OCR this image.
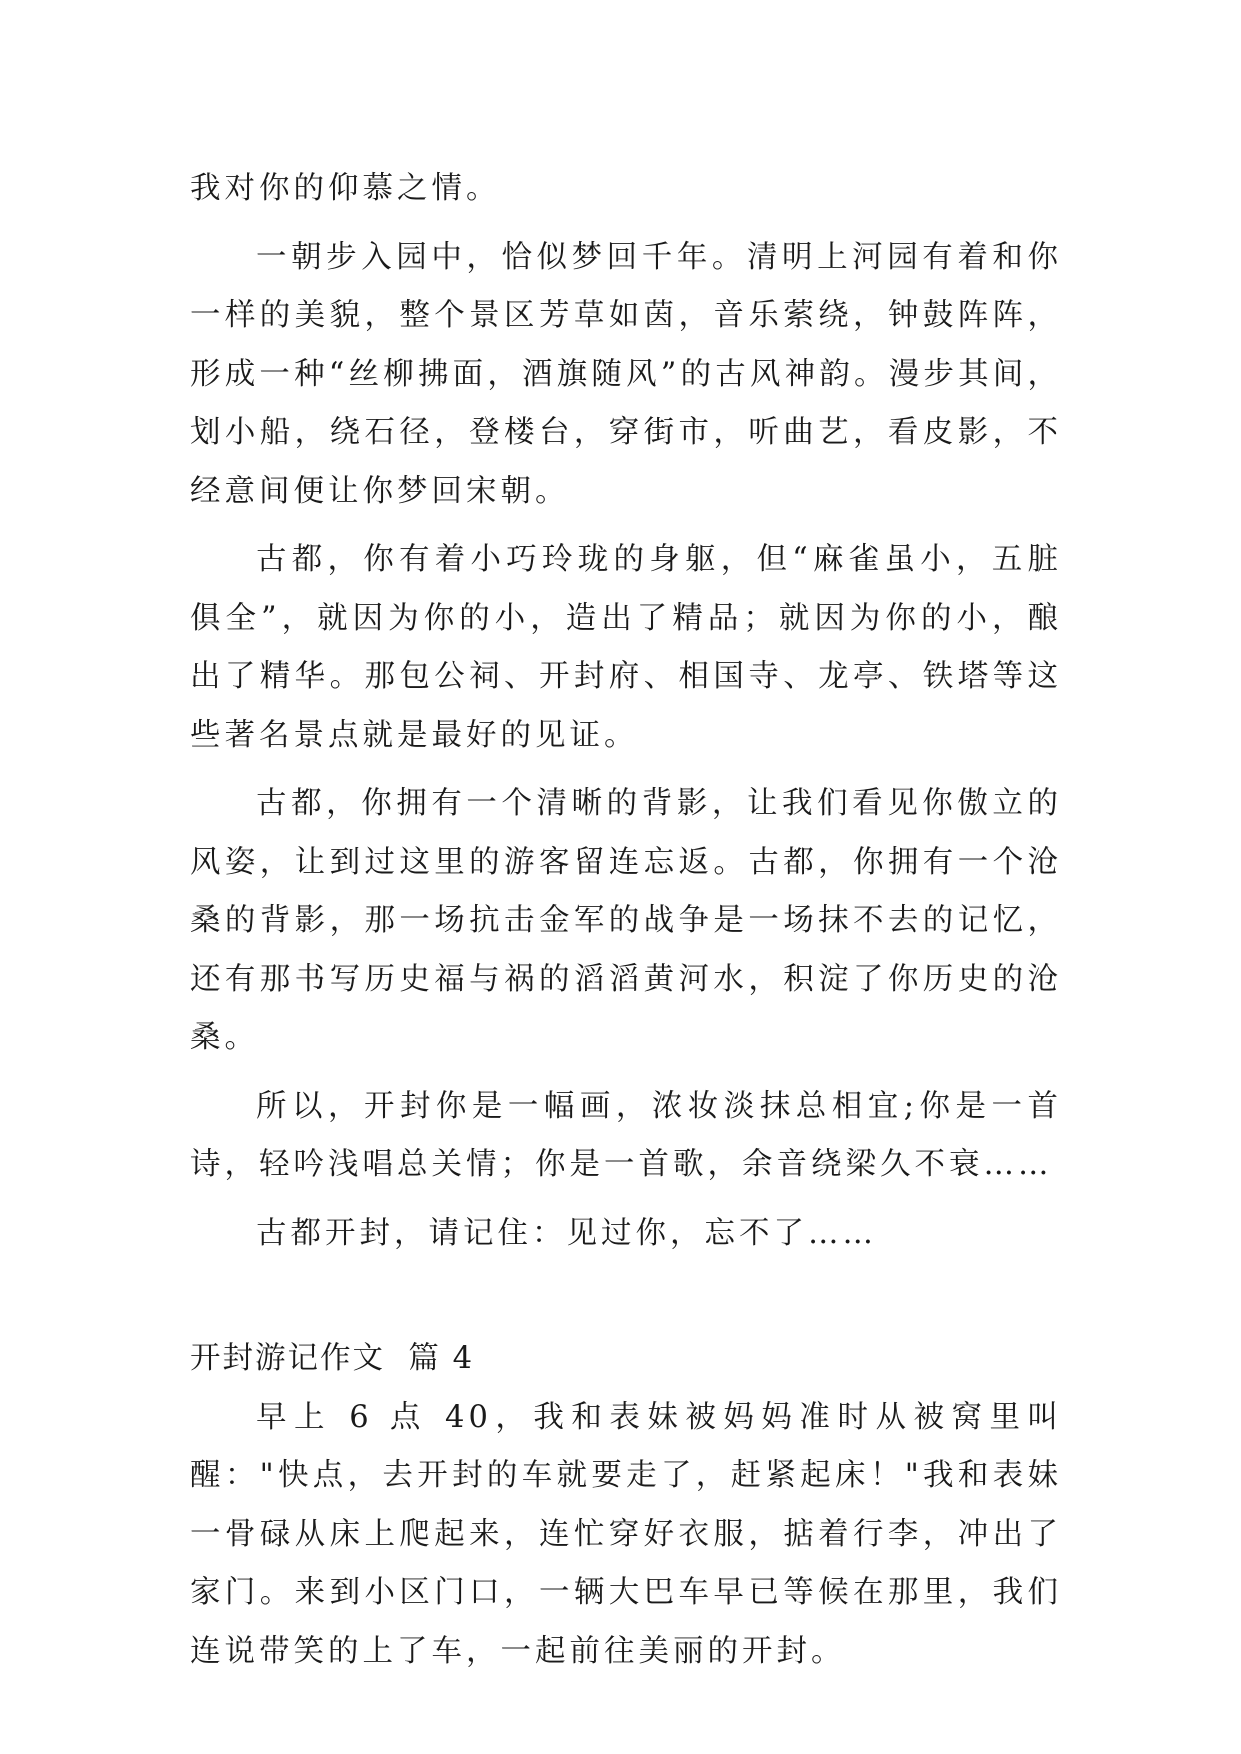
我对你的仰慕之情。

一朝步入园中，恰似梦回千年。清明上河园有着和你一样的美貌，整个景区芳草如茵，音乐萦绕，钟鼓阵阵，形成一种“丝柳拂面，酒旗随风”的古风神韵。漫步其间，划小船，绕石径，登楼台，穿街市，听曲艺，看皮影，不经意间便让你梦回宋朝。

古都，你有着小巧玲珑的身躯，但“麻雀虽小，五脏俱全”，就因为你的小，造出了精品；就因为你的小，酿出了精华。那包公祠、开封府、相国寺、龙亭、铁塔等这些著名景点就是最好的见证。

古都，你拥有一个清晰的背影，让我们看见你傲立的风姿，让到过这里的游客留连忘返。古都，你拥有一个沧桑的背影，那一场抗击金军的战争是一场抹不去的记忆，还有那书写历史福与祸的滔滔黄河水，积淀了你历史的沧桑。

所以，开封你是一幅画，浓妆淡抹总相宜;你是一首诗，轻吟浅唱总关情；你是一首歌，余音绕梁久不衰……

古都开封，请记住：见过你，忘不了……

开封游记作文  篇 4

早上 6 点 40，我和表妹被妈妈准时从被窝里叫醒："快点，去开封的车就要走了，赶紧起床！"我和表妹一骨碌从床上爬起来，连忙穿好衣服，掂着行李，冲出了家门。来到小区门口，一辆大巴车早已等候在那里，我们连说带笑的上了车，一起前往美丽的开封。
